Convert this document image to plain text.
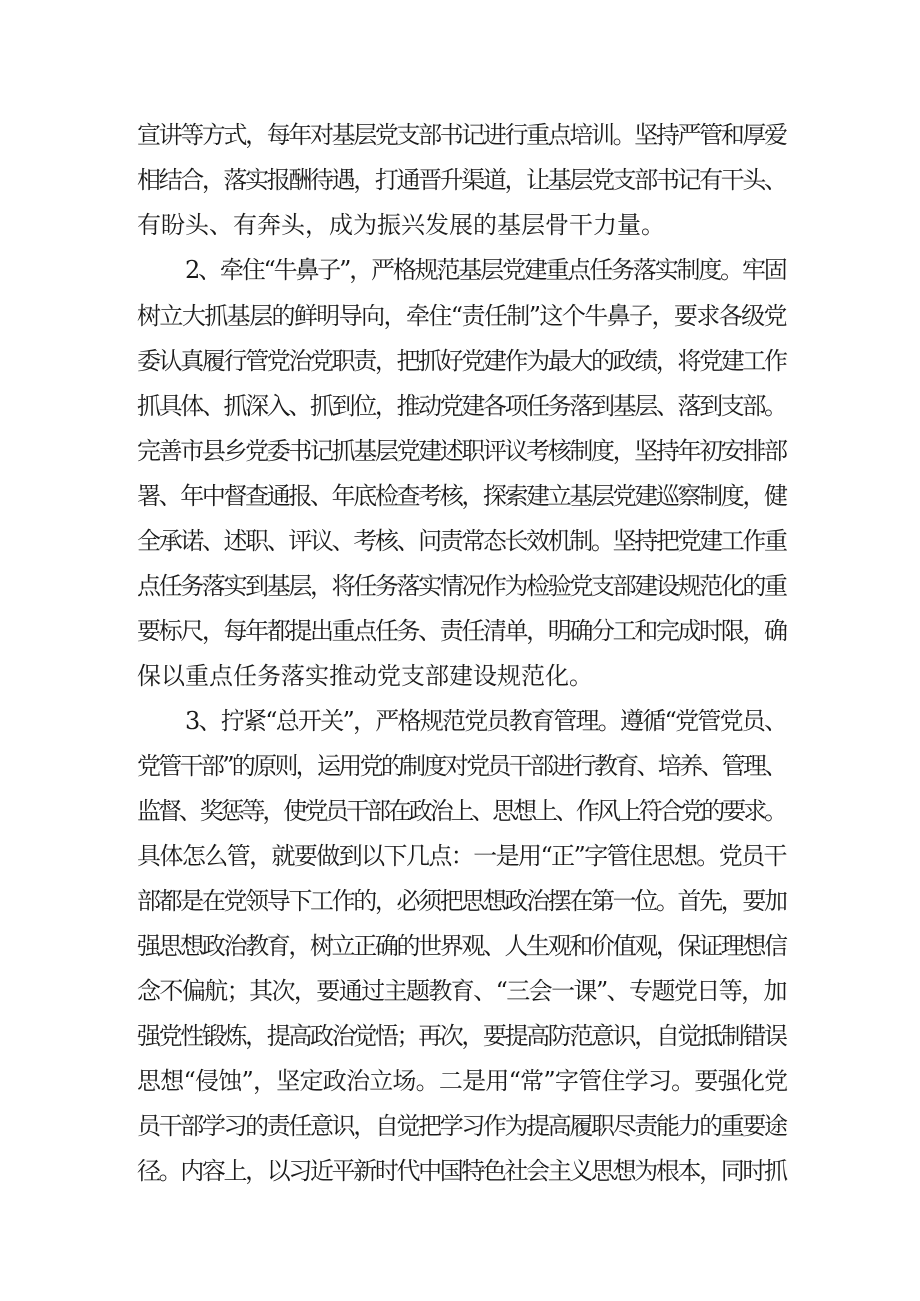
宣讲等方式，每年对基层党支部书记进行重点培训。坚持严管和厚爱
相结合，落实报酬待遇，打通晋升渠道，让基层党支部书记有干头、
有盼头、有奔头，成为振兴发展的基层骨干力量。
2、牵住“牛鼻子”，严格规范基层党建重点任务落实制度。牢固
树立大抓基层的鲜明导向，牵住“责任制”这个牛鼻子，要求各级党
委认真履行管党治党职责，把抓好党建作为最大的政绩，将党建工作
抓具体、抓深入、抓到位，推动党建各项任务落到基层、落到支部。
完善市县乡党委书记抓基层党建述职评议考核制度，坚持年初安排部
署、年中督查通报、年底检查考核，探索建立基层党建巡察制度，健
全承诺、述职、评议、考核、问责常态长效机制。坚持把党建工作重
点任务落实到基层，将任务落实情况作为检验党支部建设规范化的重
要标尺，每年都提出重点任务、责任清单，明确分工和完成时限，确
保以重点任务落实推动党支部建设规范化。
3、拧紧“总开关”，严格规范党员教育管理。遵循“党管党员、
党管干部”的原则，运用党的制度对党员干部进行教育、培养、管理、
监督、奖惩等，使党员干部在政治上、思想上、作风上符合党的要求。
具体怎么管，就要做到以下几点：一是用“正”字管住思想。党员干
部都是在党领导下工作的，必须把思想政治摆在第一位。首先，要加
强思想政治教育，树立正确的世界观、人生观和价值观，保证理想信
念不偏航；其次，要通过主题教育、“三会一课”、专题党日等，加
强党性锻炼，提高政治觉悟；再次，要提高防范意识，自觉抵制错误
思想“侵蚀”，坚定政治立场。二是用“常”字管住学习。要强化党
员干部学习的责任意识，自觉把学习作为提高履职尽责能力的重要途
径。内容上，以习近平新时代中国特色社会主义思想为根本，同时抓
